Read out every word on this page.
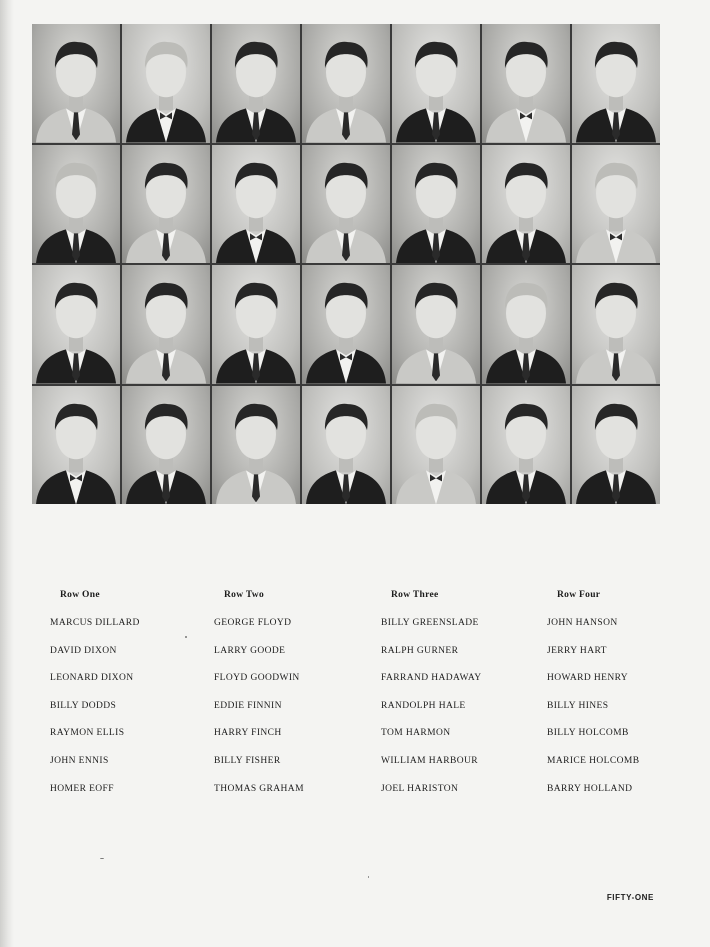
Row One
MARCUS DILLARD
DAVID DIXON
LEONARD DIXON
BILLY DODDS
RAYMON ELLIS
JOHN ENNIS
HOMER EOFF
Row Two
GEORGE FLOYD
LARRY GOODE
FLOYD GOODWIN
EDDIE FINNIN
HARRY FINCH
BILLY FISHER
THOMAS GRAHAM
Row Three
BILLY GREENSLADE
RALPH GURNER
FARRAND HADAWAY
RANDOLPH HALE
TOM HARMON
WILLIAM HARBOUR
JOEL HARISTON
Row Four
JOHN HANSON
JERRY HART
HOWARD HENRY
BILLY HINES
BILLY HOLCOMB
MARICE HOLCOMB
BARRY HOLLAND
FIFTY-ONE
